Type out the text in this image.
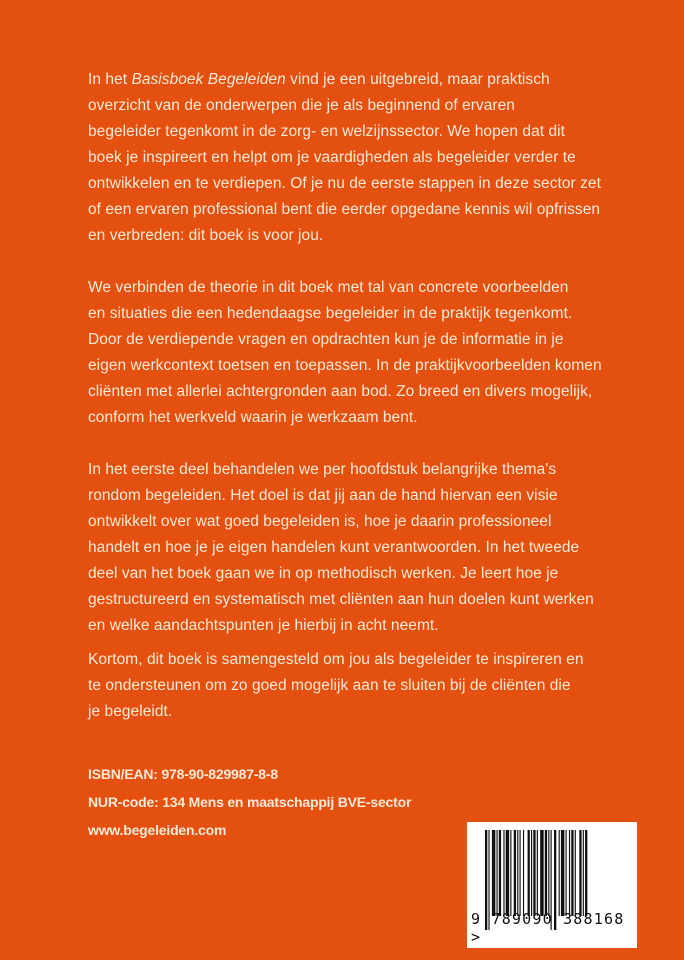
In het Basisboek Begeleiden vind je een uitgebreid, maar praktisch
overzicht van de onderwerpen die je als beginnend of ervaren
begeleider tegenkomt in de zorg- en welzijnssector. We hopen dat dit
boek je inspireert en helpt om je vaardigheden als begeleider verder te
ontwikkelen en te verdiepen. Of je nu de eerste stappen in deze sector zet
of een ervaren professional bent die eerder opgedane kennis wil opfrissen
en verbreden: dit boek is voor jou.
We verbinden de theorie in dit boek met tal van concrete voorbeelden
en situaties die een hedendaagse begeleider in de praktijk tegenkomt.
Door de verdiepende vragen en opdrachten kun je de informatie in je
eigen werkcontext toetsen en toepassen. In de praktijkvoorbeelden komen
cliënten met allerlei achtergronden aan bod. Zo breed en divers mogelijk,
conform het werkveld waarin je werkzaam bent.
In het eerste deel behandelen we per hoofdstuk belangrijke thema's
rondom begeleiden. Het doel is dat jij aan de hand hiervan een visie
ontwikkelt over wat goed begeleiden is, hoe je daarin professioneel
handelt en hoe je je eigen handelen kunt verantwoorden. In het tweede
deel van het boek gaan we in op methodisch werken. Je leert hoe je
gestructureerd en systematisch met cliënten aan hun doelen kunt werken
en welke aandachtspunten je hierbij in acht neemt.
Kortom, dit boek is samengesteld om jou als begeleider te inspireren en
te ondersteunen om zo goed mogelijk aan te sluiten bij de cliënten die
je begeleidt.
ISBN/EAN: 978-90-829987-8-8
NUR-code: 134 Mens en maatschappij BVE-sector
www.begeleiden.com
9 789090 388168 >
